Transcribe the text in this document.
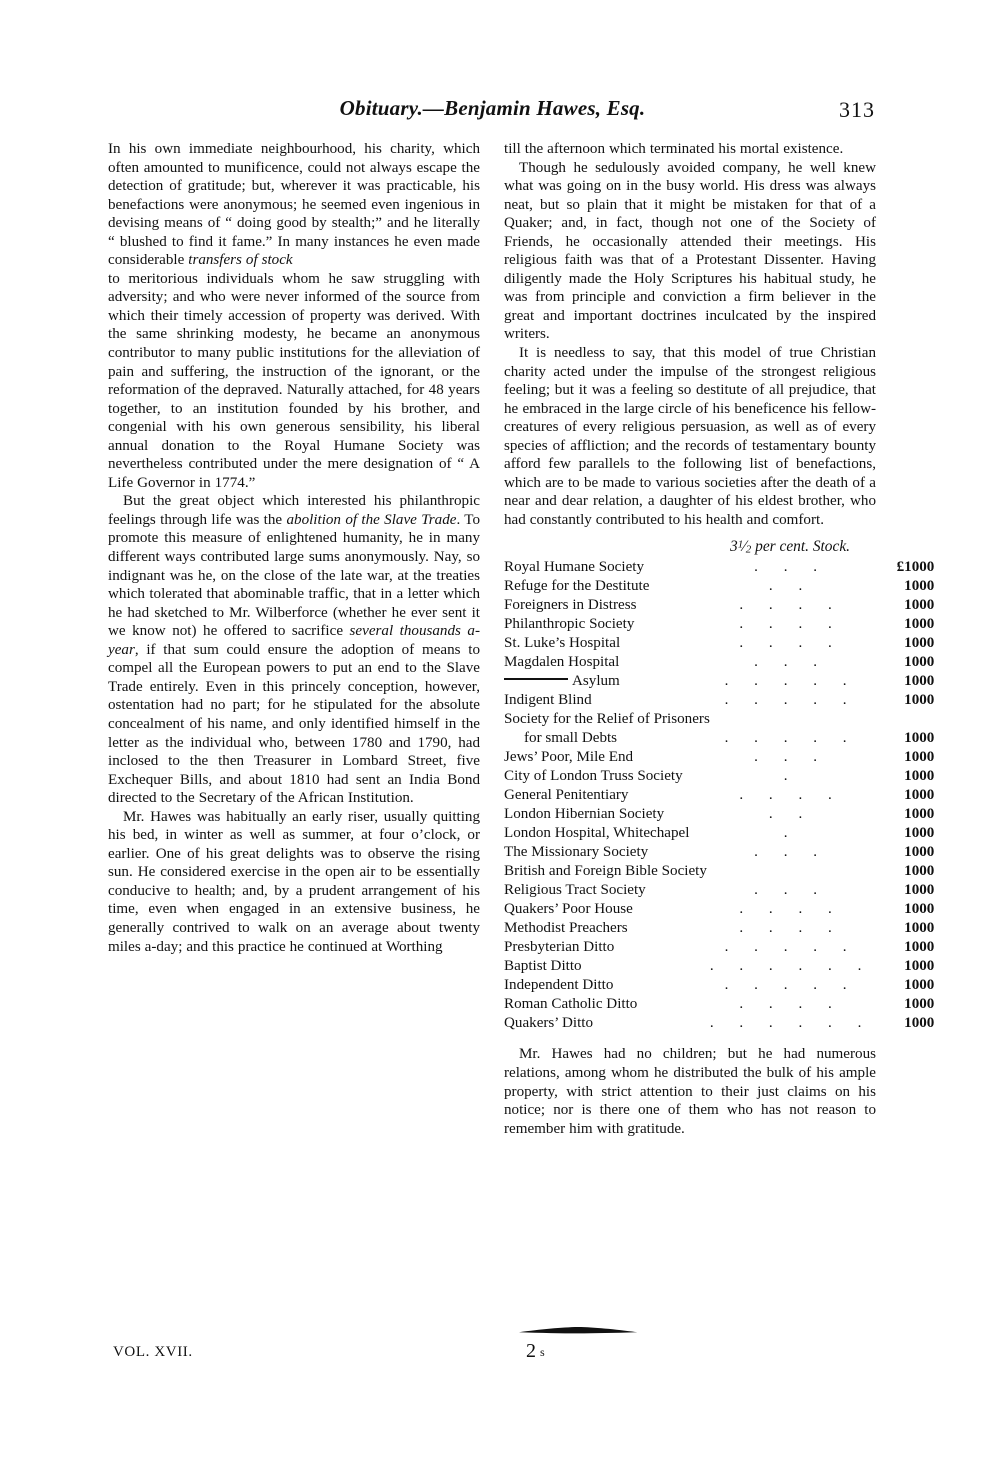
Obituary.—Benjamin Hawes, Esq.	313

In his own immediate neighbourhood, his charity, which often amounted to munificence, could not always escape the detection of gratitude; but, wherever it was practicable, his benefactions were anonymous; he seemed even ingenious in devising means of “ doing good by stealth;” and he literally “ blushed to find it fame.” In many instances he even made considerable transfers of stock

to meritorious individuals whom he saw struggling with adversity; and who were never informed of the source from which their timely accession of property was derived. With the same shrinking modesty, he became an anonymous contributor to many public institutions for the alleviation of pain and suffering, the instruction of the ignorant, or the reformation of the depraved. Naturally attached, for 48 years together, to an institution founded by his brother, and congenial with his own generous sensibility, his liberal annual donation to the Royal Humane Society was nevertheless contributed under the mere designation of “ A Life Governor in 1774.”

But the great object which interested his philanthropic feelings through life was the abolition of the Slave Trade. To promote this measure of enlightened humanity, he in many different ways contributed large sums anonymously. Nay, so indignant was he, on the close of the late war, at the treaties which tolerated that abominable traffic, that in a letter which he had sketched to Mr. Wilberforce (whether he ever sent it we know not) he offered to sacrifice several thousands a-year, if that sum could ensure the adoption of means to compel all the European powers to put an end to the Slave Trade entirely. Even in this princely conception, however, ostentation had no part; for he stipulated for the absolute concealment of his name, and only identified himself in the letter as the individual who, between 1780 and 1790, had inclosed to the then Treasurer in Lombard Street, five Exchequer Bills, and about 1810 had sent an India Bond directed to the Secretary of the African Institution.

Mr. Hawes was habitually an early riser, usually quitting his bed, in winter as well as summer, at four o’clock, or earlier. One of his great delights was to observe the rising sun. He considered exercise in the open air to be essentially conducive to health; and, by a prudent arrangement of his time, even when engaged in an extensive business, he generally contrived to walk on an average about twenty miles a-day; and this practice he continued at Worthing

till the afternoon which terminated his mortal existence.

Though he sedulously avoided company, he well knew what was going on in the busy world. His dress was always neat, but so plain that it might be mistaken for that of a Quaker; and, in fact, though not one of the Society of Friends, he occasionally attended their meetings. His religious faith was that of a Protestant Dissenter. Having diligently made the Holy Scriptures his habitual study, he was from principle and conviction a firm believer in the great and important doctrines inculcated by the inspired writers.

It is needless to say, that this model of true Christian charity acted under the impulse of the strongest religious feeling; but it was a feeling so destitute of all prejudice, that he embraced in the large circle of his beneficence his fellow-creatures of every religious persuasion, as well as of every species of affliction; and the records of testamentary bounty afford few parallels to the following list of benefactions, which are to be made to various societies after the death of a near and dear relation, a daughter of his eldest brother, who had constantly contributed to his health and comfort.

$3^1⁄2$ per cent. Stock.
Royal Humane Society	. . .	£1000
Refuge for the Destitute	. .	1000
Foreigners in Distress	. . . .	1000
Philanthropic Society	. . . .	1000
St. Luke’s Hospital	. . . .	1000
Magdalen Hospital	. . .	1000
Asylum	. . . . .	1000
Indigent Blind	. . . . .	1000
Society for the Relief of Prisoners	

for small Debts	. . . . .	1000
Jews’ Poor, Mile End	. . .	1000
City of London Truss Society	.	1000
General Penitentiary	. . . .	1000
London Hibernian Society	. .	1000
London Hospital, Whitechapel	.	1000
The Missionary Society	. . .	1000
British and Foreign Bible Society		1000
Religious Tract Society	. . .	1000
Quakers’ Poor House	. . . .	1000
Methodist Preachers	. . . .	1000
Presbyterian Ditto	. . . . .	1000
Baptist Ditto	. . . . . .	1000
Independent Ditto	. . . . .	1000
Roman Catholic Ditto	. . . .	1000
Quakers’ Ditto	. . . . . .	1000

Mr. Hawes had no children; but he had numerous relations, among whom he distributed the bulk of his ample property, with strict attention to their just claims on his notice; nor is there one of them who has not reason to remember him with gratitude.

VOL. XVII.	2 s
